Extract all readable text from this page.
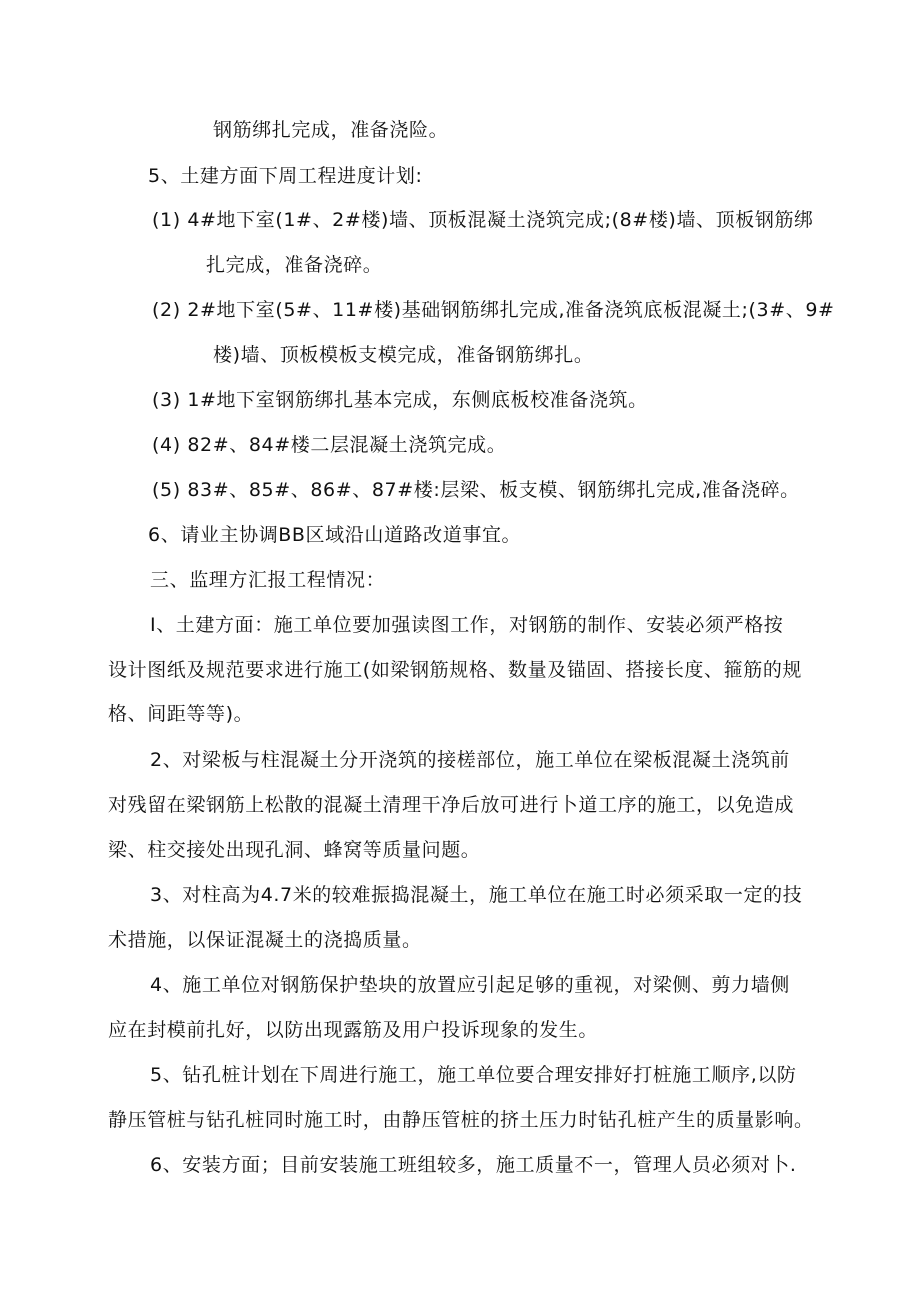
钢筋绑扎完成，准备浇险。

5、土建方面下周工程进度计划:

(1) 4#地下室(1#、2#楼)墙、顶板混凝土浇筑完成;(8#楼)墙、顶板钢筋绑

扎完成，准备浇碎。

(2) 2#地下室(5#、11#楼)基础钢筋绑扎完成,准备浇筑底板混凝土;(3#、9#

楼)墙、顶板模板支模完成，准备钢筋绑扎。

(3) 1#地下室钢筋绑扎基本完成，东侧底板校准备浇筑。

(4) 82#、84#楼二层混凝土浇筑完成。

(5) 83#、85#、86#、87#楼:层梁、板支模、钢筋绑扎完成,准备浇碎。

6、请业主协调BB区域沿山道路改道事宜。

三、监理方汇报工程情况：

I、土建方面：施工单位要加强读图工作，对钢筋的制作、安装必须严格按

设计图纸及规范要求进行施工(如梁钢筋规格、数量及锚固、搭接长度、箍筋的规

格、间距等等)。

2、对梁板与柱混凝土分开浇筑的接槎部位，施工单位在梁板混凝土浇筑前

对残留在梁钢筋上松散的混凝土清理干净后放可进行卜道工序的施工，以免造成

梁、柱交接处出现孔洞、蜂窝等质量问题。

3、对柱高为4.7米的较难振捣混凝土，施工单位在施工时必须采取一定的技

术措施，以保证混凝土的浇捣质量。

4、施工单位对钢筋保护垫块的放置应引起足够的重视，对梁侧、剪力墙侧

应在封模前扎好，以防出现露筋及用户投诉现象的发生。

5、钻孔桩计划在下周进行施工，施工单位要合理安排好打桩施工顺序,以防

静压管桩与钻孔桩同时施工时，由静压管桩的挤土压力时钻孔桩产生的质量影响。

6、安装方面；目前安装施工班组较多，施工质量不一，管理人员必须对卜.
